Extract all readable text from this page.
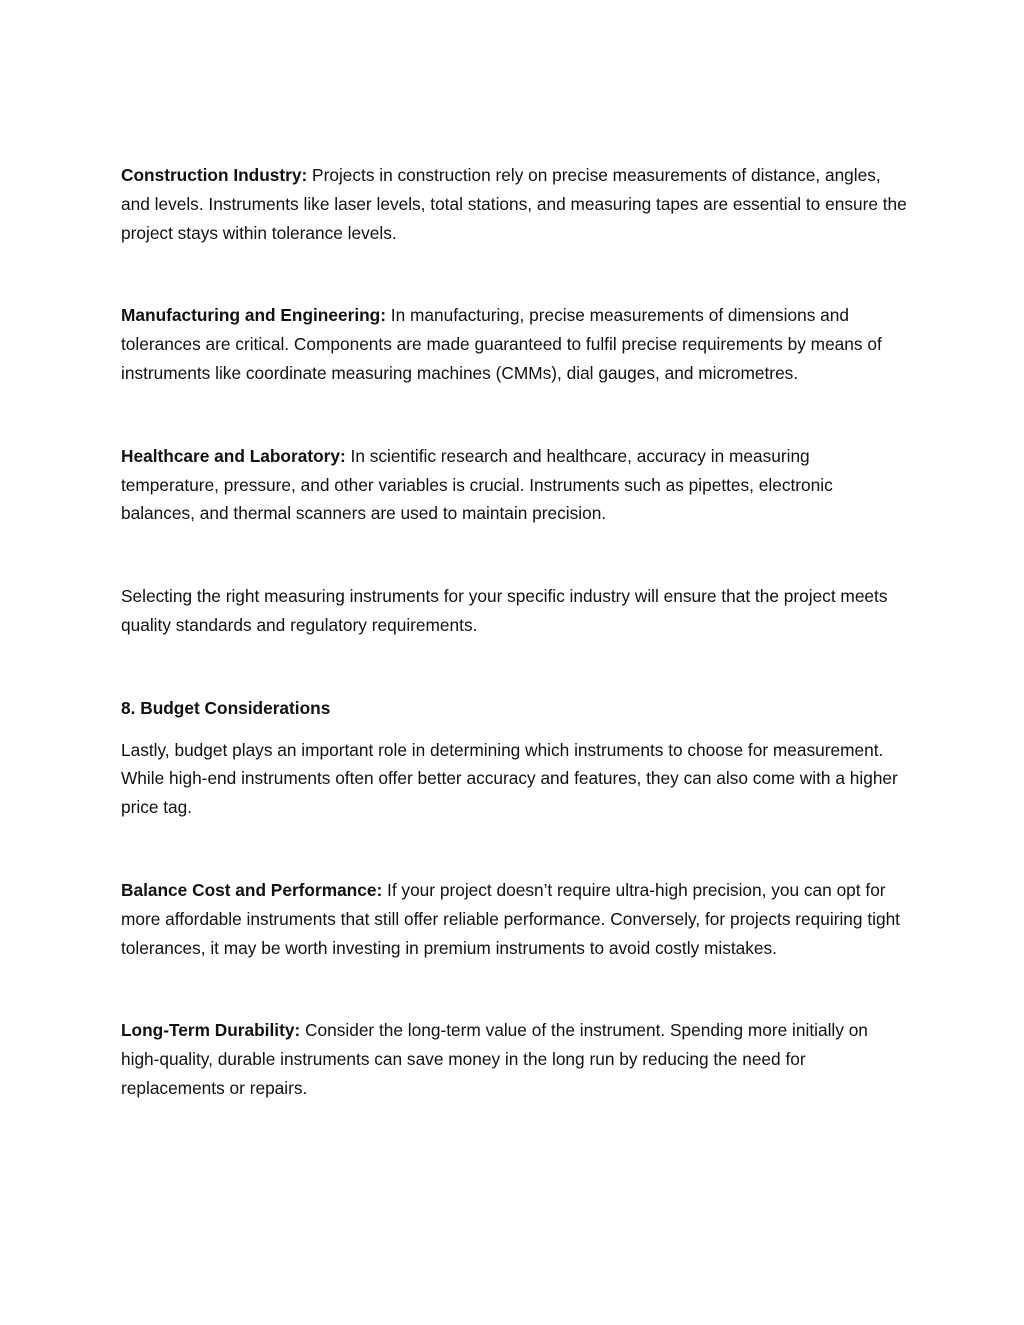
Construction Industry: Projects in construction rely on precise measurements of distance, angles, and levels. Instruments like laser levels, total stations, and measuring tapes are essential to ensure the project stays within tolerance levels.

Manufacturing and Engineering: In manufacturing, precise measurements of dimensions and tolerances are critical. Components are made guaranteed to fulfil precise requirements by means of instruments like coordinate measuring machines (CMMs), dial gauges, and micrometres.

Healthcare and Laboratory: In scientific research and healthcare, accuracy in measuring temperature, pressure, and other variables is crucial. Instruments such as pipettes, electronic balances, and thermal scanners are used to maintain precision.

Selecting the right measuring instruments for your specific industry will ensure that the project meets quality standards and regulatory requirements.

8. Budget Considerations

Lastly, budget plays an important role in determining which instruments to choose for measurement. While high-end instruments often offer better accuracy and features, they can also come with a higher price tag.

Balance Cost and Performance: If your project doesn’t require ultra-high precision, you can opt for more affordable instruments that still offer reliable performance. Conversely, for projects requiring tight tolerances, it may be worth investing in premium instruments to avoid costly mistakes.

Long-Term Durability: Consider the long-term value of the instrument. Spending more initially on high-quality, durable instruments can save money in the long run by reducing the need for replacements or repairs.
